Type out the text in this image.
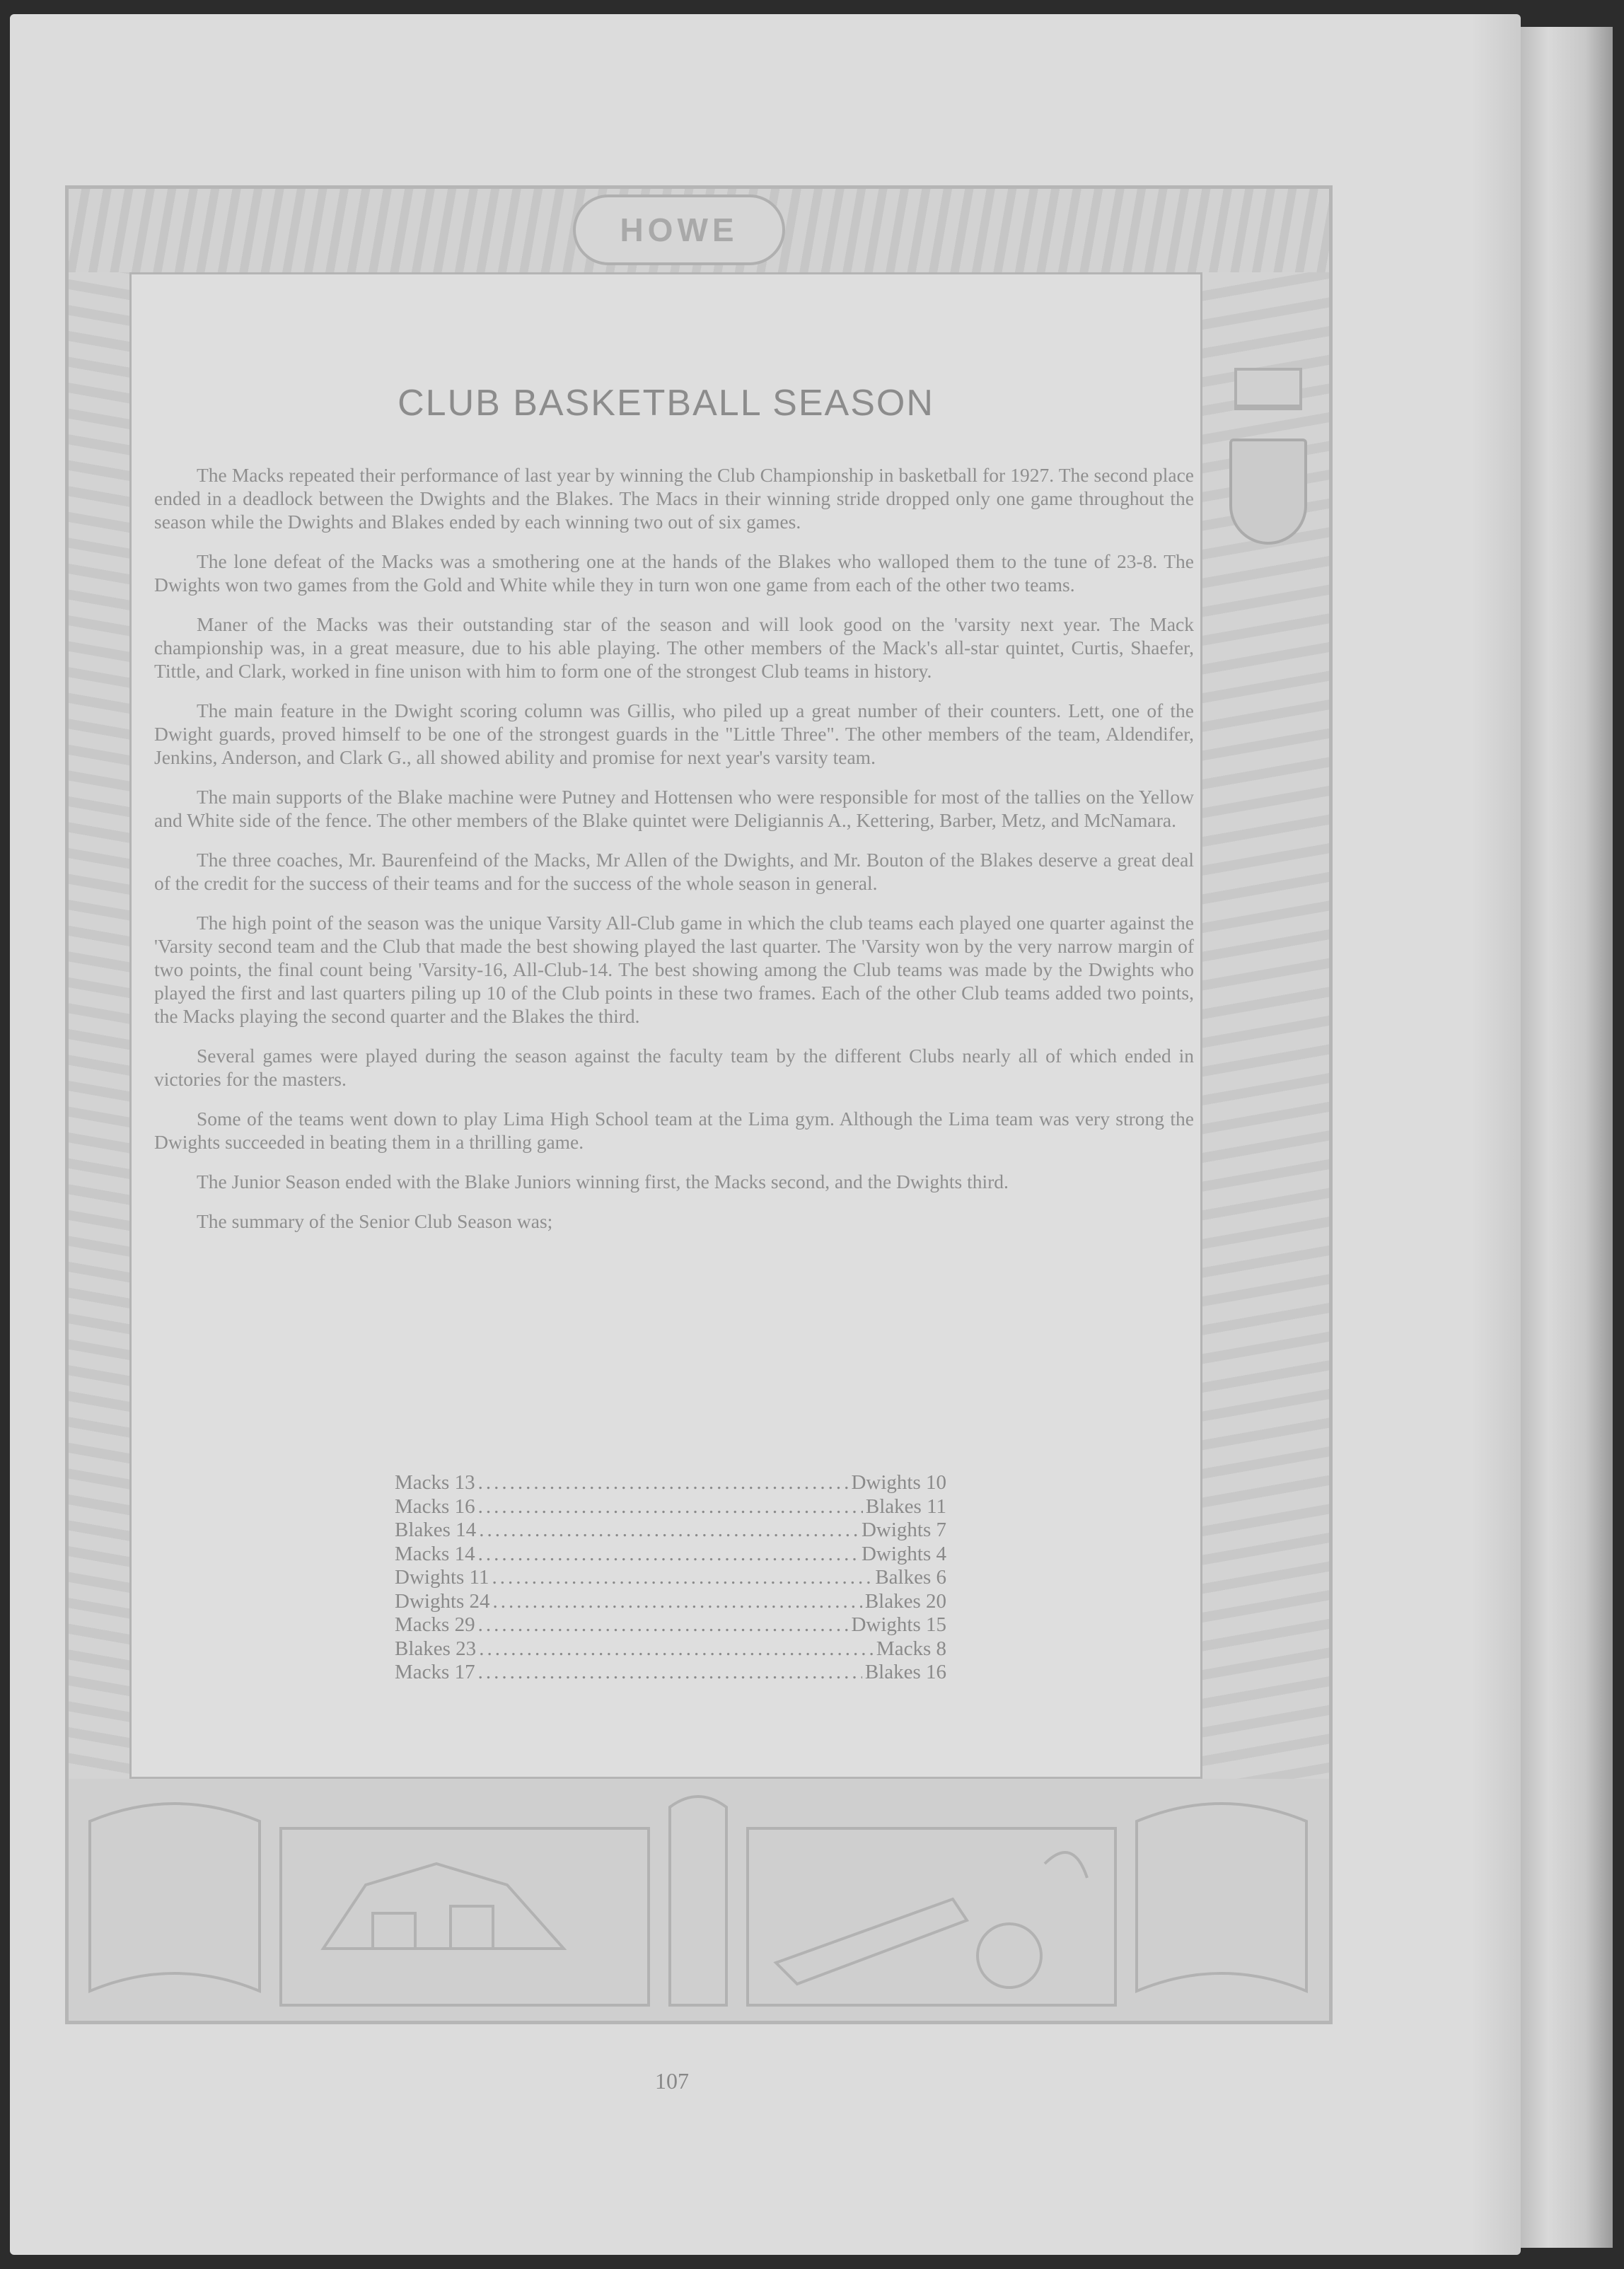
HOWE
CLUB BASKETBALL SEASON

The Macks repeated their performance of last year by winning the Club Championship in basketball for 1927. The second place ended in a deadlock between the Dwights and the Blakes. The Macs in their winning stride dropped only one game throughout the season while the Dwights and Blakes ended by each winning two out of six games.

The lone defeat of the Macks was a smothering one at the hands of the Blakes who walloped them to the tune of 23-8. The Dwights won two games from the Gold and White while they in turn won one game from each of the other two teams.

Maner of the Macks was their outstanding star of the season and will look good on the 'varsity next year. The Mack championship was, in a great measure, due to his able playing. The other members of the Mack's all-star quintet, Curtis, Shaefer, Tittle, and Clark, worked in fine unison with him to form one of the strongest Club teams in history.

The main feature in the Dwight scoring column was Gillis, who piled up a great number of their counters. Lett, one of the Dwight guards, proved himself to be one of the strongest guards in the "Little Three". The other members of the team, Aldendifer, Jenkins, Anderson, and Clark G., all showed ability and promise for next year's varsity team.

The main supports of the Blake machine were Putney and Hottensen who were responsible for most of the tallies on the Yellow and White side of the fence. The other members of the Blake quintet were Deligiannis A., Kettering, Barber, Metz, and McNamara.

The three coaches, Mr. Baurenfeind of the Macks, Mr Allen of the Dwights, and Mr. Bouton of the Blakes deserve a great deal of the credit for the success of their teams and for the success of the whole season in general.

The high point of the season was the unique Varsity All-Club game in which the club teams each played one quarter against the 'Varsity second team and the Club that made the best showing played the last quarter. The 'Varsity won by the very narrow margin of two points, the final count being 'Varsity-16, All-Club-14. The best showing among the Club teams was made by the Dwights who played the first and last quarters piling up 10 of the Club points in these two frames. Each of the other Club teams added two points, the Macks playing the second quarter and the Blakes the third.

Several games were played during the season against the faculty team by the different Clubs nearly all of which ended in victories for the masters.

Some of the teams went down to play Lima High School team at the Lima gym. Although the Lima team was very strong the Dwights succeeded in beating them in a thrilling game.

The Junior Season ended with the Blake Juniors winning first, the Macks second, and the Dwights third.

The summary of the Senior Club Season was;

Macks 13 .....	Dwights 10
Macks 16 .....	Blakes 11
Blakes 14 .....	Dwights 7
Macks 14 .....	Dwights 4
Dwights 11 .....	Balkes 6
Dwights 24 .....	Blakes 20
Macks 29 .....	Dwights 15
Blakes 23 .....	Macks 8
Macks 17 .....	Blakes 16
107
